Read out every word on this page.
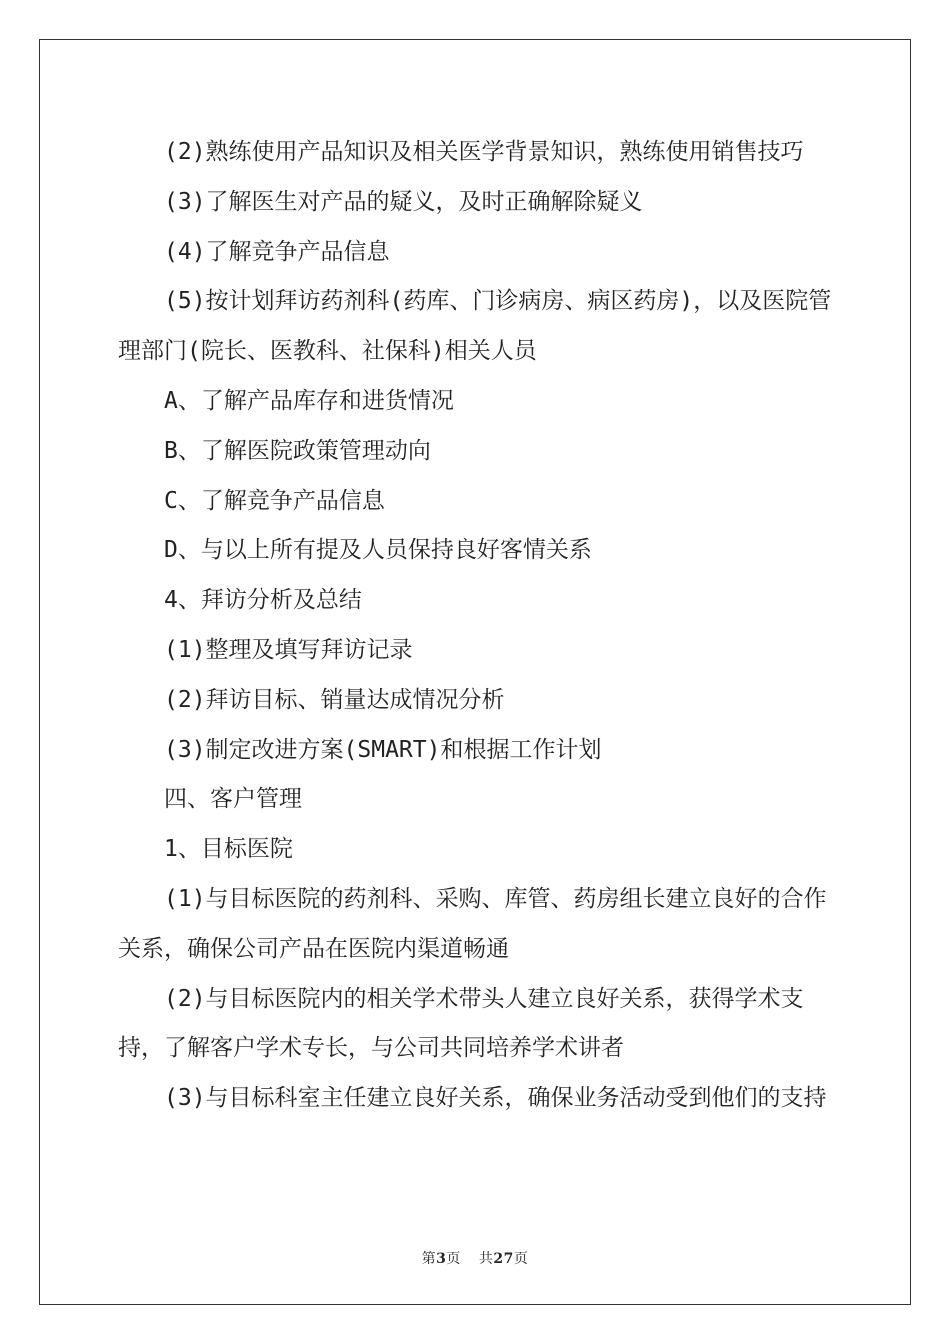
(2)熟练使用产品知识及相关医学背景知识，熟练使用销售技巧

(3)了解医生对产品的疑义，及时正确解除疑义

(4)了解竞争产品信息

(5)按计划拜访药剂科(药库、门诊病房、病区药房)，以及医院管理部门(院长、医教科、社保科)相关人员

A、了解产品库存和进货情况

B、了解医院政策管理动向

C、了解竞争产品信息

D、与以上所有提及人员保持良好客情关系

4、拜访分析及总结

(1)整理及填写拜访记录

(2)拜访目标、销量达成情况分析

(3)制定改进方案(SMART)和根据工作计划

四、客户管理

1、目标医院

(1)与目标医院的药剂科、采购、库管、药房组长建立良好的合作关系，确保公司产品在医院内渠道畅通

(2)与目标医院内的相关学术带头人建立良好关系，获得学术支持，了解客户学术专长，与公司共同培养学术讲者

(3)与目标科室主任建立良好关系，确保业务活动受到他们的支持

第3页 共27页
